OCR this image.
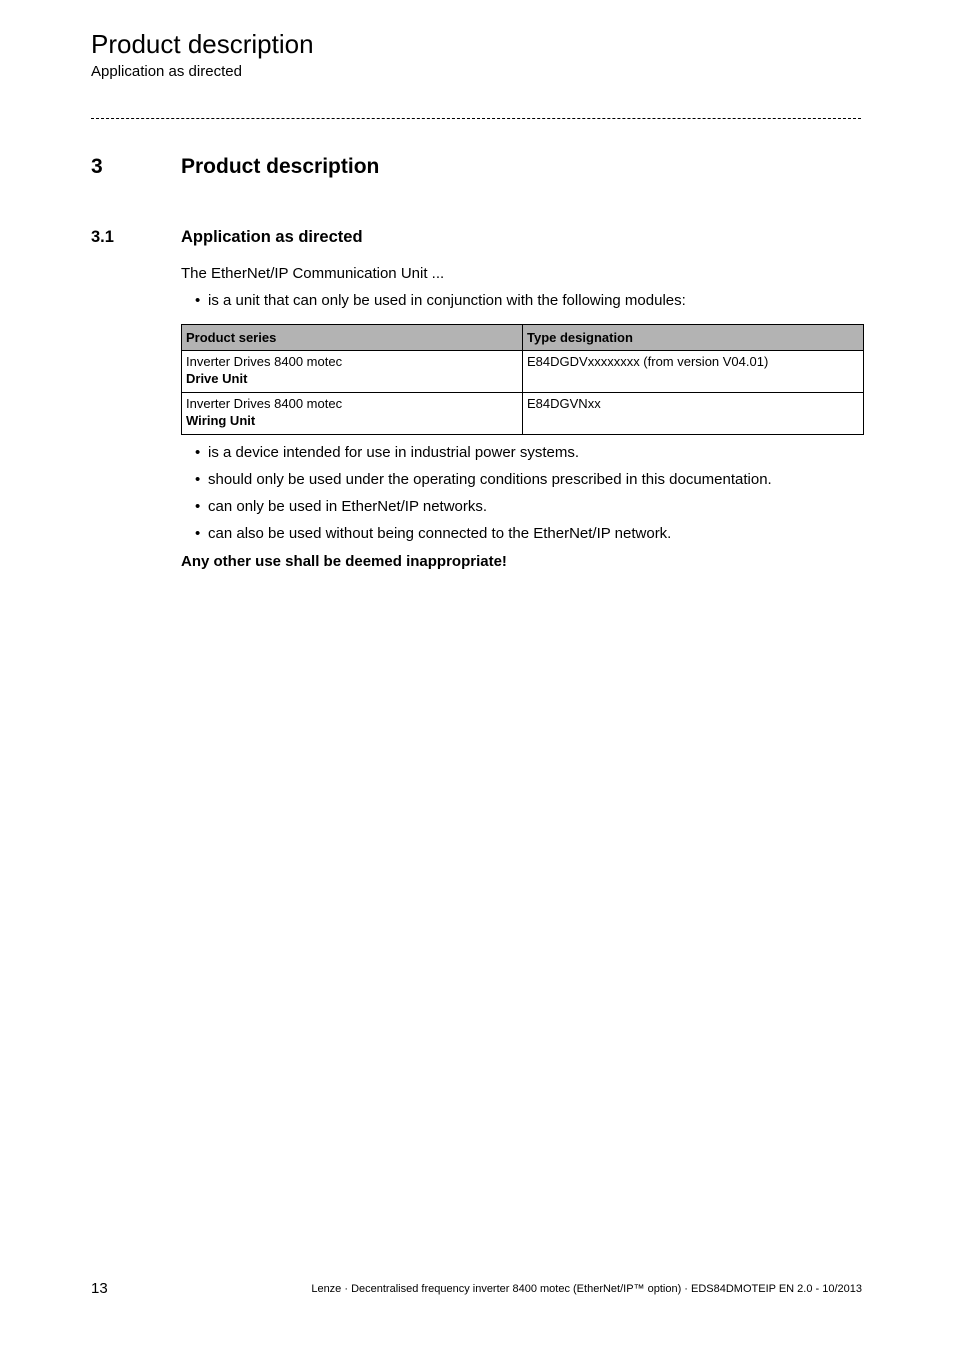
Product description
Application as directed
3	Product description
3.1	Application as directed
The EtherNet/IP Communication Unit ...
• is a unit that can only be used in conjunction with the following modules:
Product series	Type designation

Inverter Drives 8400 motec
Drive Unit	E84DGDVxxxxxxxx (from version V04.01)

Inverter Drives 8400 motec
Wiring Unit	E84DGVNxx
• is a device intended for use in industrial power systems.
• should only be used under the operating conditions prescribed in this documentation.
• can only be used in EtherNet/IP networks.
• can also be used without being connected to the EtherNet/IP network.
Any other use shall be deemed inappropriate!
13	Lenze · Decentralised frequency inverter 8400 motec (EtherNet/IP™ option) · EDS84DMOTEIP EN 2.0 - 10/2013
